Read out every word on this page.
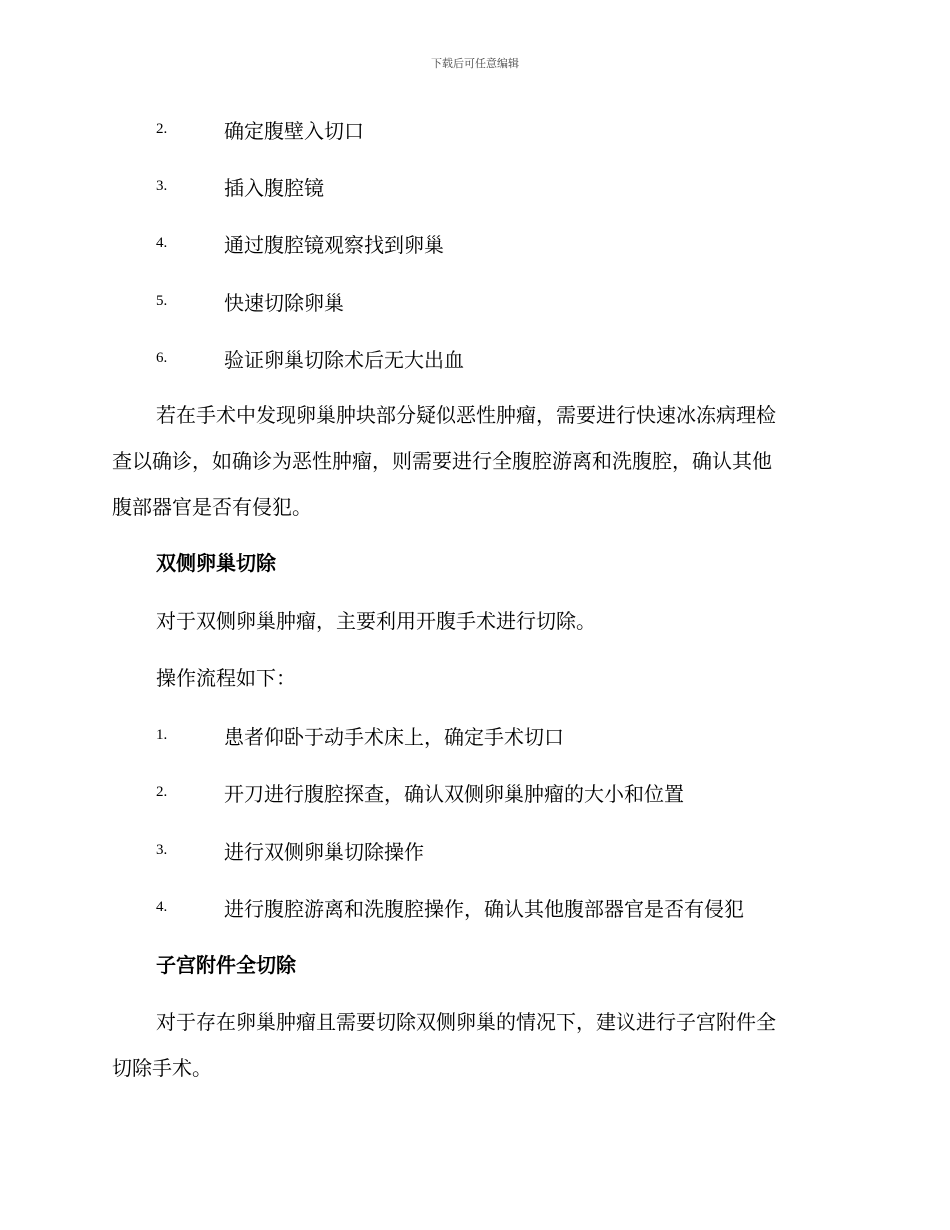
下载后可任意编辑
2.	确定腹壁入切口
3.	插入腹腔镜
4.	通过腹腔镜观察找到卵巢
5.	快速切除卵巢
6.	验证卵巢切除术后无大出血
若在手术中发现卵巢肿块部分疑似恶性肿瘤，需要进行快速冰冻病理检
查以确诊，如确诊为恶性肿瘤，则需要进行全腹腔游离和洗腹腔，确认其他
腹部器官是否有侵犯。
双侧卵巢切除
对于双侧卵巢肿瘤，主要利用开腹手术进行切除。
操作流程如下：
1.	患者仰卧于动手术床上，确定手术切口
2.	开刀进行腹腔探查，确认双侧卵巢肿瘤的大小和位置
3.	进行双侧卵巢切除操作
4.	进行腹腔游离和洗腹腔操作，确认其他腹部器官是否有侵犯
子宫附件全切除
对于存在卵巢肿瘤且需要切除双侧卵巢的情况下，建议进行子宫附件全
切除手术。
